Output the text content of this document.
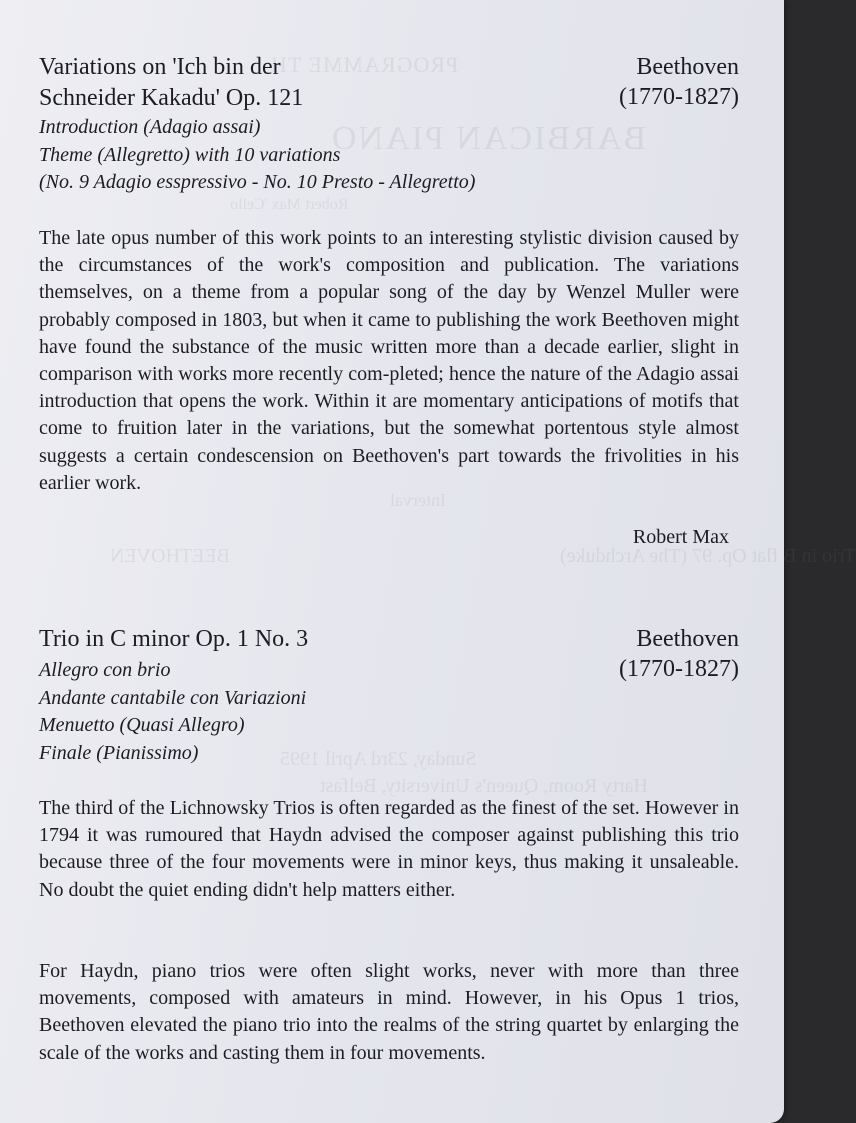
PROGRAMME TH
BARBICAN PIANO
Robert Max 'Cello
Interval
BEETHOVEN	Trio in B flat Op. 97 (The Archduke)
Sunday, 23rd April 1995
Harty Room, Queen's University, Belfast
Variations on 'Ich bin der
Schneider Kakadu' Op. 121
Beethoven
(1770-1827)
Introduction (Adagio assai)
Theme (Allegretto) with 10 variations
(No. 9 Adagio esspressivo - No. 10 Presto - Allegretto)

The late opus number of this work points to an interesting stylistic division caused by the circumstances of the work's composition and publication. The variations themselves, on a theme from a popular song of the day by Wenzel Muller were probably composed in 1803, but when it came to publishing the work Beethoven might have found the substance of the music written more than a decade earlier, slight in comparison with works more recently com-pleted; hence the nature of the Adagio assai introduction that opens the work. Within it are momentary anticipations of motifs that come to fruition later in the variations, but the somewhat portentous style almost suggests a certain condescension on Beethoven's part towards the frivolities in his earlier work.

Robert Max
Trio in C minor Op. 1 No. 3	Beethoven
(1770-1827)
Allegro con brio
Andante cantabile con Variazioni
Menuetto (Quasi Allegro)
Finale (Pianissimo)

The third of the Lichnowsky Trios is often regarded as the finest of the set. However in 1794 it was rumoured that Haydn advised the composer against publishing this trio because three of the four movements were in minor keys, thus making it unsaleable. No doubt the quiet ending didn't help matters either.

For Haydn, piano trios were often slight works, never with more than three movements, composed with amateurs in mind. However, in his Opus 1 trios, Beethoven elevated the piano trio into the realms of the string quartet by enlarging the scale of the works and casting them in four movements.
